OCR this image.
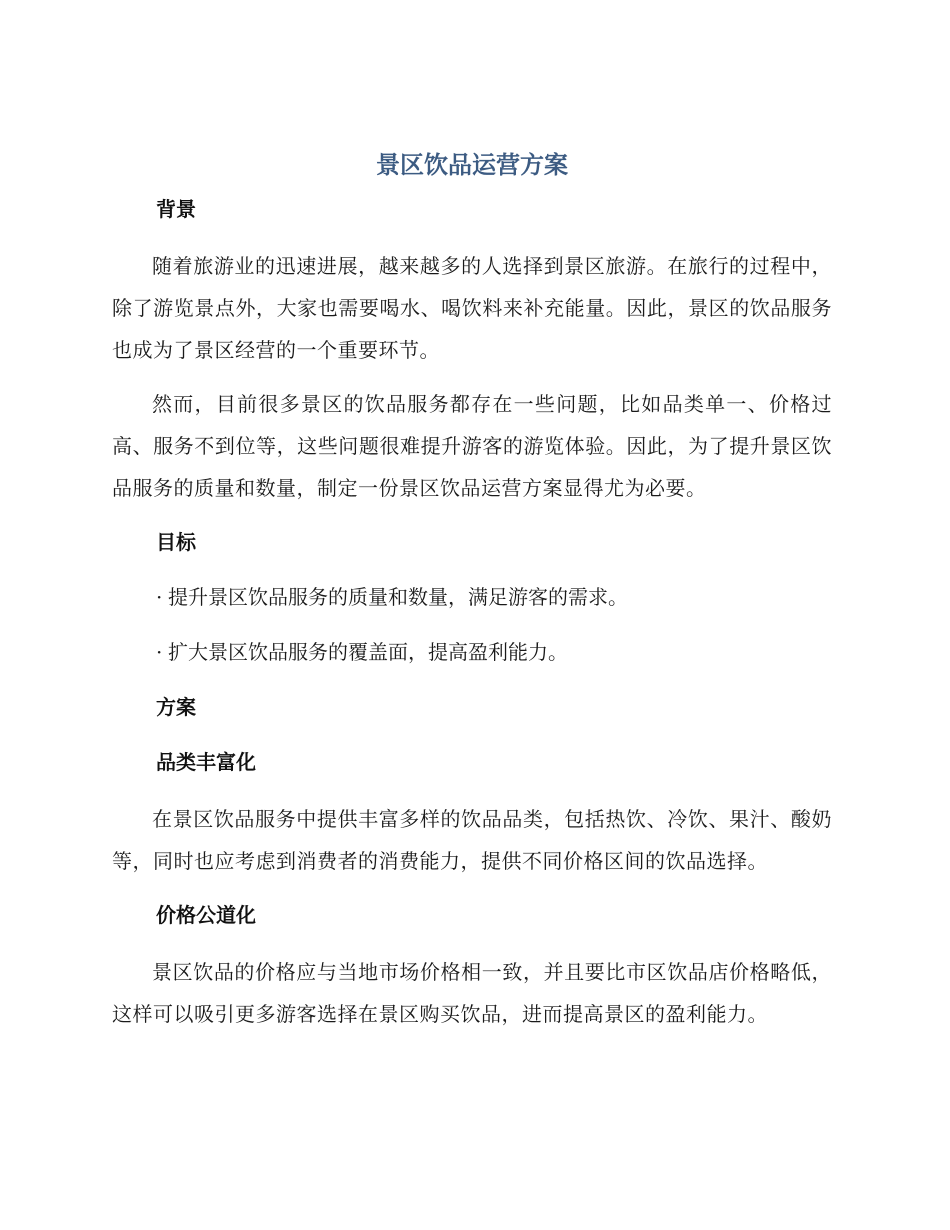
景区饮品运营方案
背景

随着旅游业的迅速进展，越来越多的人选择到景区旅游。在旅行的过程中，除了游览景点外，大家也需要喝水、喝饮料来补充能量。因此，景区的饮品服务也成为了景区经营的一个重要环节。

然而，目前很多景区的饮品服务都存在一些问题，比如品类单一、价格过高、服务不到位等，这些问题很难提升游客的游览体验。因此，为了提升景区饮品服务的质量和数量，制定一份景区饮品运营方案显得尤为必要。

目标

· 提升景区饮品服务的质量和数量，满足游客的需求。

· 扩大景区饮品服务的覆盖面，提高盈利能力。

方案
品类丰富化

在景区饮品服务中提供丰富多样的饮品品类，包括热饮、冷饮、果汁、酸奶等，同时也应考虑到消费者的消费能力，提供不同价格区间的饮品选择。

价格公道化

景区饮品的价格应与当地市场价格相一致，并且要比市区饮品店价格略低，这样可以吸引更多游客选择在景区购买饮品，进而提高景区的盈利能力。
